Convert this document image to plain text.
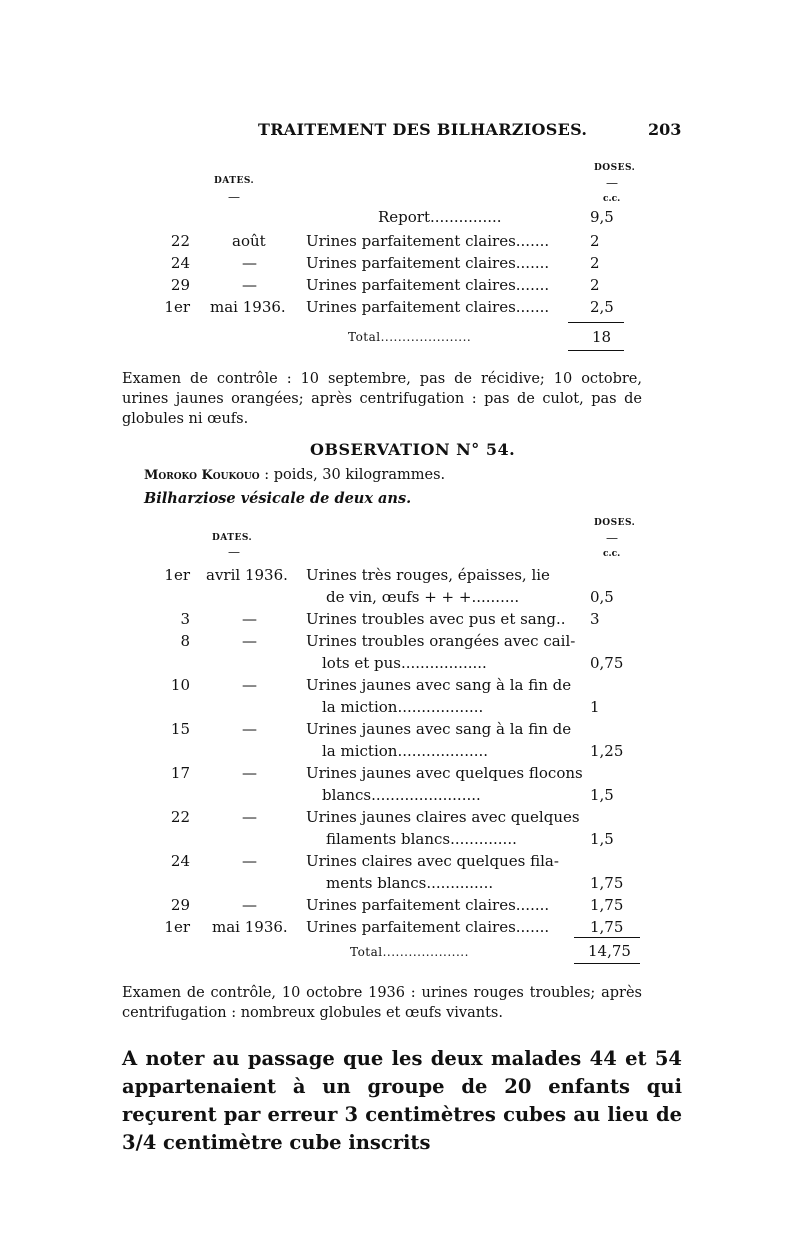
TRAITEMENT DES BILHARZIOSES.	203
DOSES.
DATES.	—
—	c.c.
Report...............	9,5
22	août	Urines parfaitement claires.......	2
24	—	Urines parfaitement claires.......	2
29	—	Urines parfaitement claires.......	2
1er mai 1936.	Urines parfaitement claires.......	2,5
Total.....................	18
Examen de contrôle : 10 septembre, pas de récidive; 10 octobre, urines jaunes orangées; après centrifugation : pas de culot, pas de globules ni œufs.
OBSERVATION N° 54.
Moroko Koukouo : poids, 30 kilogrammes.
Bilharziose vésicale de deux ans.
DOSES.
DATES.	—
—	c.c.
1er avril 1936.	Urines très rouges, épaisses, lie
de vin, œufs + + +..........	0,5
3	—	Urines troubles avec pus et sang.. 3
8	—	Urines troubles orangées avec cail-
lots et pus..................	0,75
10	—	Urines jaunes avec sang à la fin de
la miction..................	1
15	—	Urines jaunes avec sang à la fin de
la miction...................	1,25
17	—	Urines jaunes avec quelques flocons
blancs.......................	1,5
22	—	Urines jaunes claires avec quelques
filaments blancs..............	1,5
24	—	Urines claires avec quelques fila-
ments blancs..............	1,75
29	—	Urines parfaitement claires.......	1,75
1er mai 1936.	Urines parfaitement claires.......	1,75
Total....................	14,75
Examen de contrôle, 10 octobre 1936 : urines rouges troubles; après centrifugation : nombreux globules et œufs vivants.
A noter au passage que les deux malades 44 et 54 appartenaient à un groupe de 20 enfants qui reçurent par erreur 3 centimètres cubes au lieu de 3/4 centimètre cube inscrits
